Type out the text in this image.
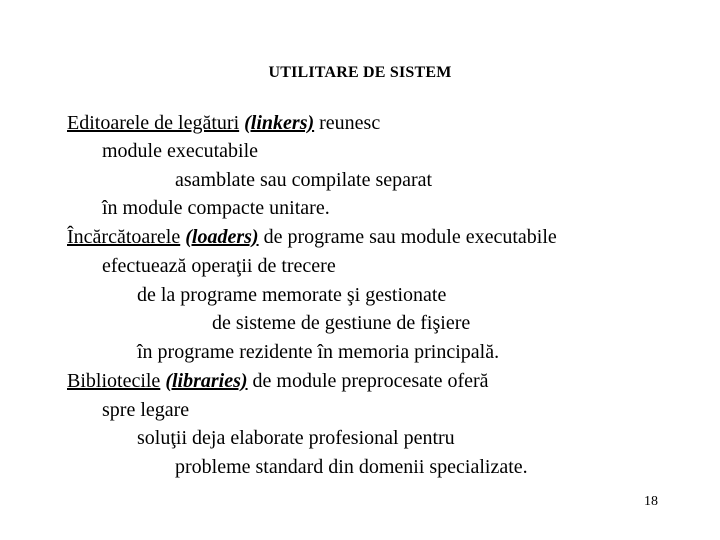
UTILITARE DE SISTEM
Editoarele de legături (linkers) reunesc
module executabile
asamblate sau compilate separat
în module compacte unitare.
Încărcătoarele (loaders) de programe sau module executabile
efectuează operaţii de trecere
de la programe memorate şi gestionate
de sisteme de gestiune de fişiere
în programe rezidente în memoria principală.
Bibliotecile (libraries) de module preprocesate oferă
spre legare
soluţii deja elaborate profesional pentru
probleme standard din domenii specializate.
18
